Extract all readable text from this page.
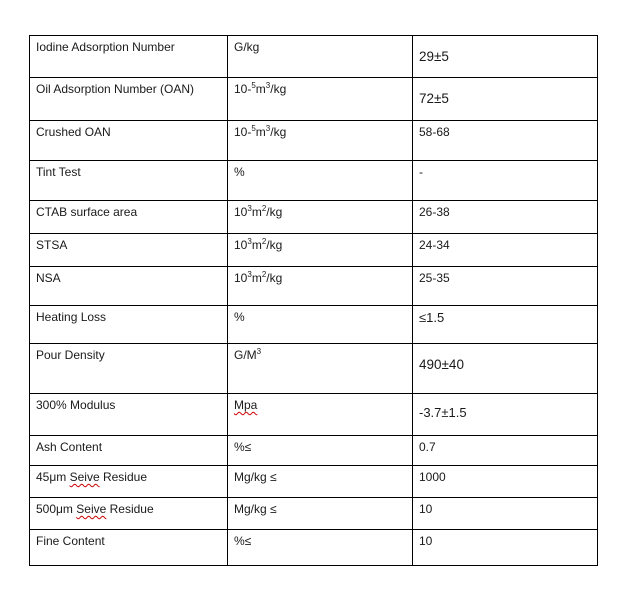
Iodine Adsorption Number	G/kg	29±5
Oil Adsorption Number (OAN)	$10-^5m^3/kg$	72±5
Crushed OAN	$10-^5m^3/kg$	58-68
Tint Test	%	-
CTAB surface area	$10^3m^2/kg$	26-38
STSA	$10^3m^2/kg$	24-34
NSA	$10^3m^2/kg$	25-35
Heating Loss	%	≤1.5
Pour Density	$G/M^3$	490±40
300% Modulus	Mpa	-3.7±1.5
Ash Content	%≤	0.7
45μm Seive Residue	Mg/kg ≤	1000
500μm Seive Residue	Mg/kg ≤	10
Fine Content	%≤	10
